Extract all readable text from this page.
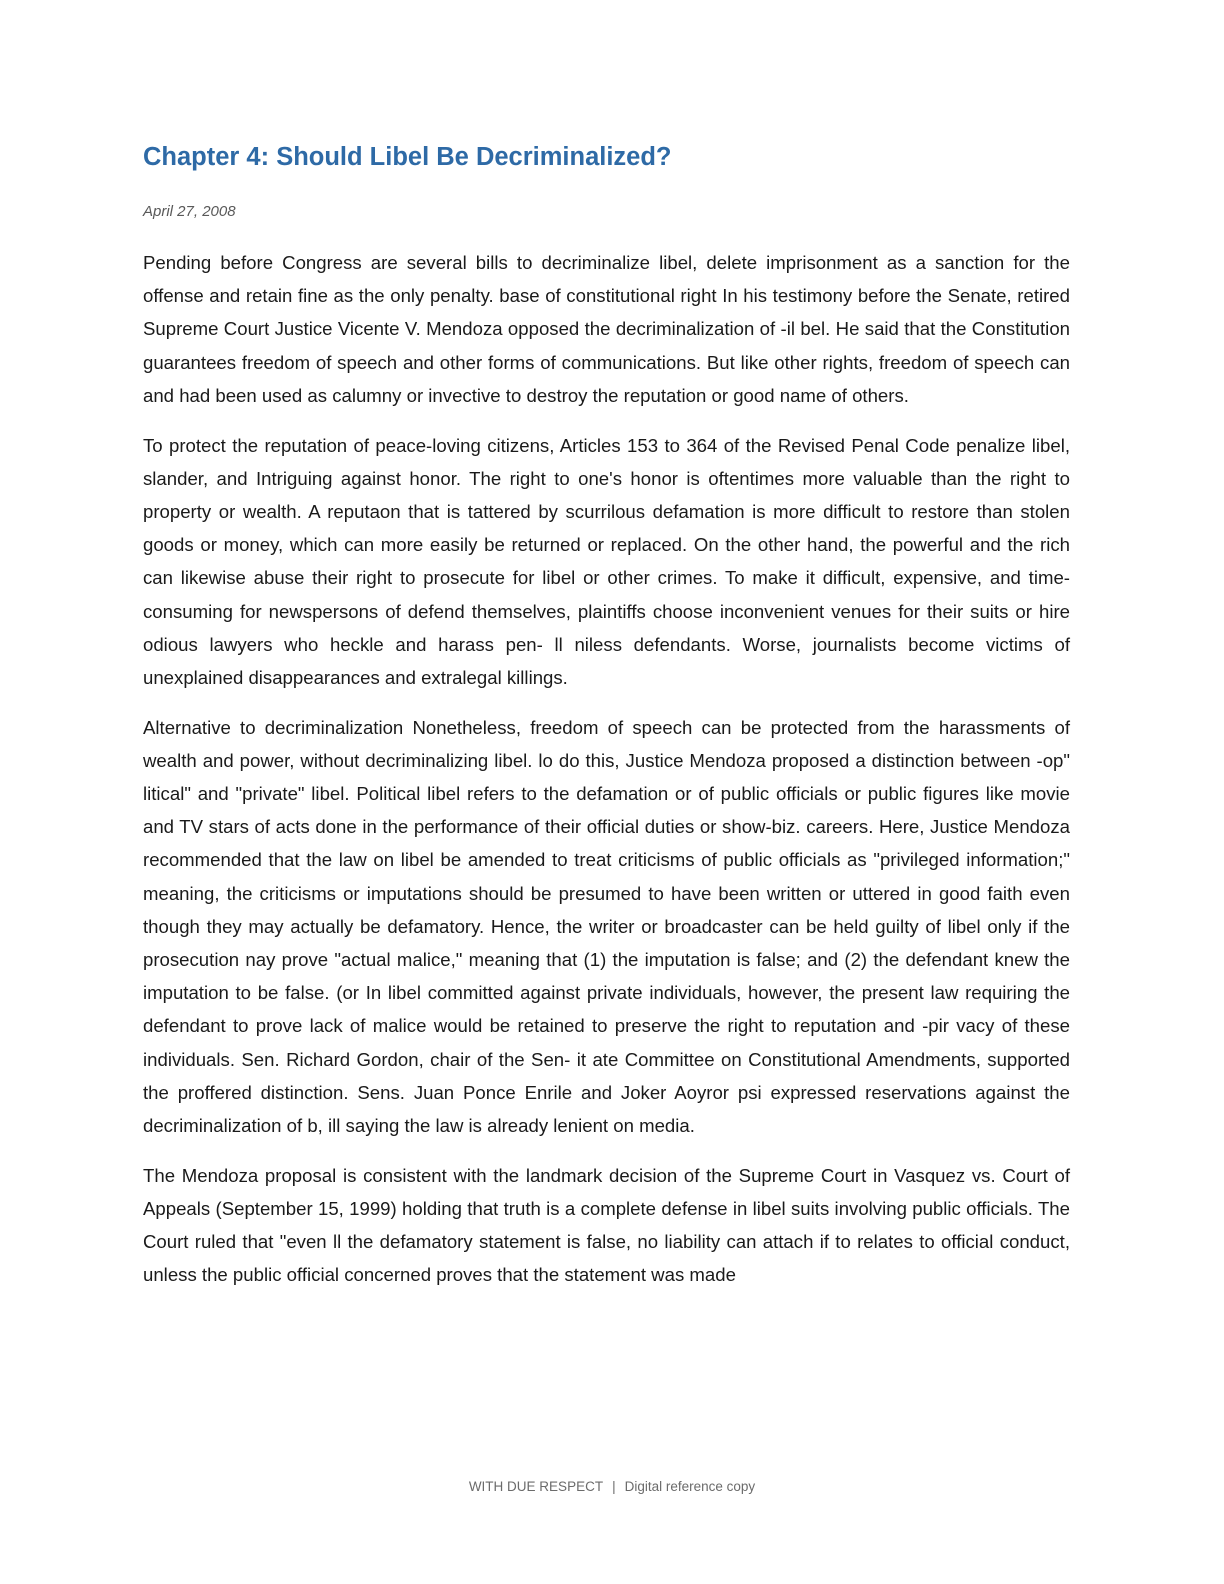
Chapter 4: Should Libel Be Decriminalized?
April 27, 2008

Pending before Congress are several bills to decriminalize libel, delete imprisonment as a sanction for the offense and retain fine as the only penalty. base of constitutional right In his testimony before the Senate, retired Supreme Court Justice Vicente V. Mendoza opposed the decriminalization of -il bel. He said that the Constitution guarantees freedom of speech and other forms of communications. But like other rights, freedom of speech can and had been used as calumny or invective to destroy the reputation or good name of others.

To protect the reputation of peace-loving citizens, Articles 153 to 364 of the Revised Penal Code penalize libel, slander, and Intriguing against honor. The right to one's honor is oftentimes more valuable than the right to property or wealth. A reputaon that is tattered by scurrilous defamation is more difficult to restore than stolen goods or money, which can more easily be returned or replaced. On the other hand, the powerful and the rich can likewise abuse their right to prosecute for libel or other crimes. To make it difficult, expensive, and time-consuming for newspersons of defend themselves, plaintiffs choose inconvenient venues for their suits or hire odious lawyers who heckle and harass pen- ll niless defendants. Worse, journalists become victims of unexplained disappearances and extralegal killings.

Alternative to decriminalization Nonetheless, freedom of speech can be protected from the harassments of wealth and power, without decriminalizing libel. lo do this, Justice Mendoza proposed a distinction between -op" litical" and "private" libel. Political libel refers to the defamation or of public officials or public figures like movie and TV stars of acts done in the performance of their official duties or show-biz. careers. Here, Justice Mendoza recommended that the law on libel be amended to treat criticisms of public officials as "privileged information;" meaning, the criticisms or imputations should be presumed to have been written or uttered in good faith even though they may actually be defamatory. Hence, the writer or broadcaster can be held guilty of libel only if the prosecution nay prove "actual malice," meaning that (1) the imputation is false; and (2) the defendant knew the imputation to be false. (or In libel committed against private individuals, however, the present law requiring the defendant to prove lack of malice would be retained to preserve the right to reputation and -pir vacy of these individuals. Sen. Richard Gordon, chair of the Sen- it ate Committee on Constitutional Amendments, supported the proffered distinction. Sens. Juan Ponce Enrile and Joker Aoyror psi expressed reservations against the decriminalization of b, ill saying the law is already lenient on media.

The Mendoza proposal is consistent with the landmark decision of the Supreme Court in Vasquez vs. Court of Appeals (September 15, 1999) holding that truth is a complete defense in libel suits involving public officials. The Court ruled that "even ll the defamatory statement is false, no liability can attach if to relates to official conduct, unless the public official concerned proves that the statement was made

WITH DUE RESPECT | Digital reference copy
